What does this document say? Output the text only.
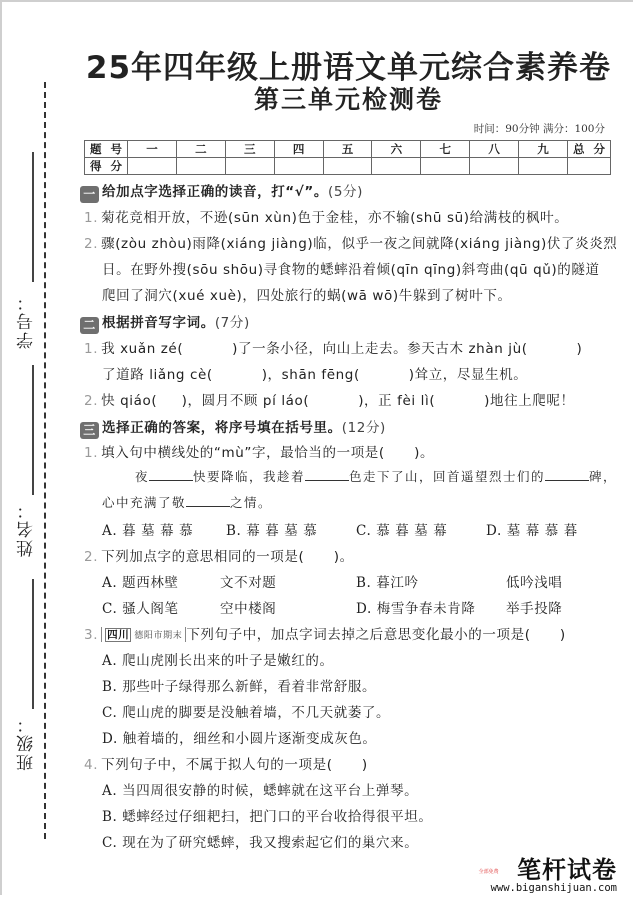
学号：
姓名：
班级：
25年四年级上册语文单元综合素养卷
第三单元检测卷
时间：90分钟 满分：100分
题 号	一	二	三	四	五	六	七	八	九	总 分

得 分										

一 给加点字选择正确的读音，打“√”。(5分)
1. 菊花竞相开放，不逊(sūn xùn)色于金桂，亦不输(shū sū)给满枝的枫叶。
2. 骤(zòu zhòu)雨降(xiáng jiàng)临，似乎一夜之间就降(xiáng jiàng)伏了炎炎烈
日。在野外搜(sōu shōu)寻食物的蟋蟀沿着倾(qīn qīng)斜弯曲(qū qǔ)的隧道
爬回了洞穴(xué xuè)，四处旅行的蜗(wā wō)牛躲到了树叶下。
二 根据拼音写字词。(7分)
1. 我 xuǎn zé(          )了一条小径，向山上走去。参天古木 zhàn jù(          )
了道路 liǎng cè(          )，shān fēng(          )耸立，尽显生机。
2. 快 qiáo(     )，圆月不顾 pí láo(          )，正 fèi lì(          )地往上爬呢！
三 选择正确的答案，将序号填在括号里。(12分)
1. 填入句中横线处的“mù”字，最恰当的一项是(      )。
夜	快要降临，我趁着	色走下了山，回首遥望烈士们的	碑，
心中充满了敬	之情。
A. 暮 墓 幕 慕 B. 幕 暮 墓 慕	C. 慕 暮 墓 幕	D. 墓 幕 慕 暮
2. 下列加点字的意思相同的一项是(      )。
A. 题西林壁	文不对题	B. 暮江吟	低吟浅唱
C. 骚人阁笔	空中楼阁	D. 梅雪争春未肯降 举手投降
3. 四川 德阳市期末 下列句子中，加点字词去掉之后意思变化最小的一项是(      )
A. 爬山虎刚长出来的叶子是嫩红的。
B. 那些叶子绿得那么新鲜，看着非常舒服。
C. 爬山虎的脚要是没触着墙，不几天就萎了。
D. 触着墙的，细丝和小圆片逐渐变成灰色。
4. 下列句子中，不属于拟人句的一项是(      )
A. 当四周很安静的时候，蟋蟀就在这平台上弹琴。
B. 蟋蟀经过仔细耙扫，把门口的平台收拾得很平坦。
C. 现在为了研究蟋蟀，我又搜索起它们的巢穴来。
全部免费 笔杆试卷
www.biganshijuan.com
